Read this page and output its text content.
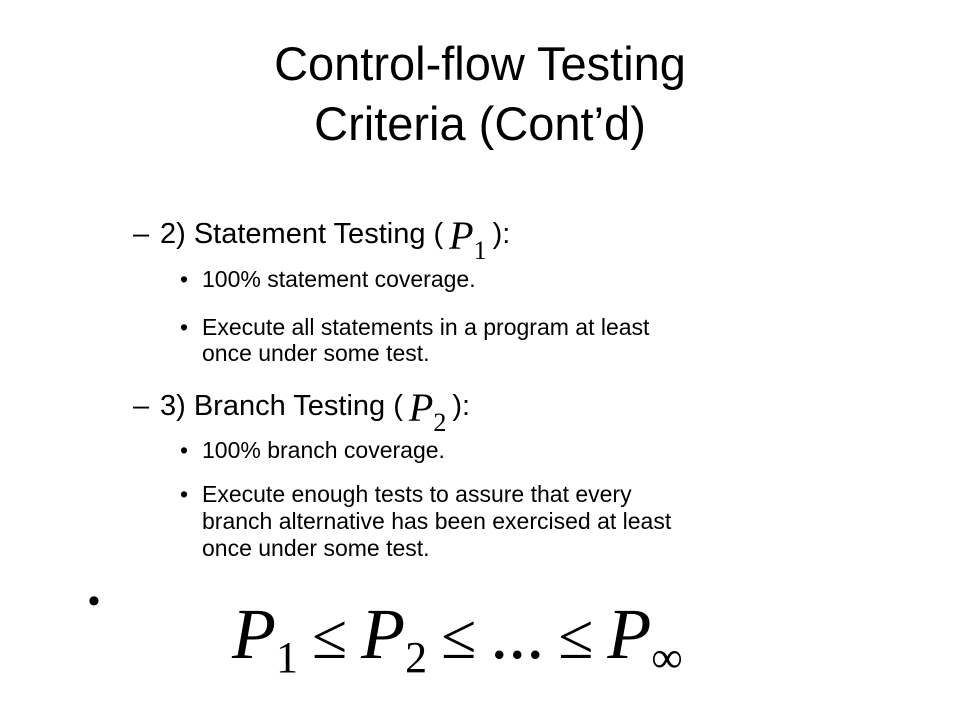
Control-flow Testing
Criteria (Cont’d)
– 2) Statement Testing ( $P_1$):
• 100% statement coverage.
• Execute all statements in a program at least
once under some test.
– 3) Branch Testing ( $P_2$):
• 100% branch coverage.
• Execute enough tests to assure that every
branch alternative has been exercised at least
once under some test.
• $P_1 \le P_2$ ≤ ... ≤ $P_\infty$
